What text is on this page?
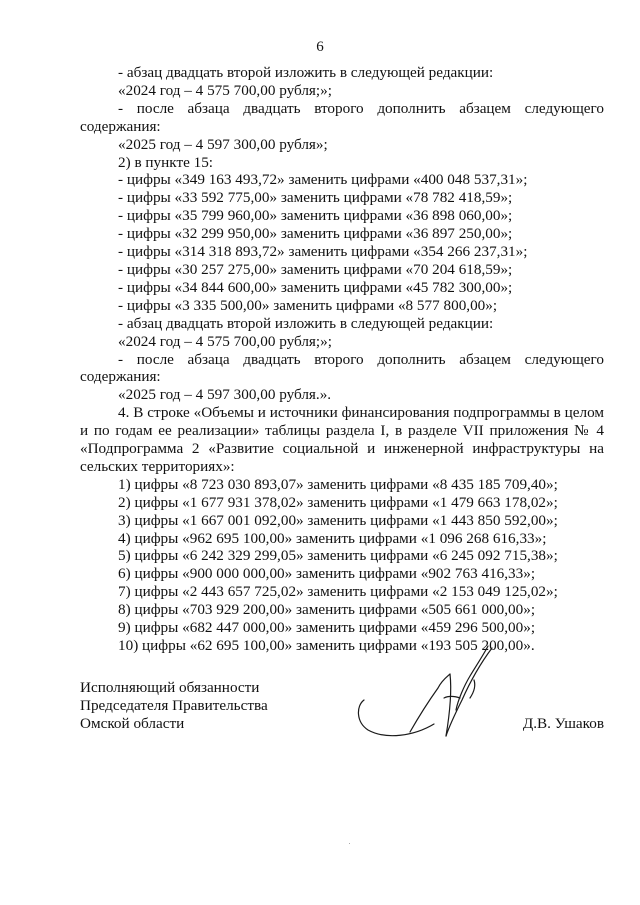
6

- абзац двадцать второй изложить в следующей редакции:

«2024 год – 4 575 700,00 рубля;»;

- после абзаца двадцать второго дополнить абзацем следующего

содержания:

«2025 год – 4 597 300,00 рубля»;

2) в пункте 15:

- цифры «349 163 493,72» заменить цифрами «400 048 537,31»;

- цифры «33 592 775,00» заменить цифрами «78 782 418,59»;

- цифры «35 799 960,00» заменить цифрами «36 898 060,00»;

- цифры «32 299 950,00» заменить цифрами «36 897 250,00»;

- цифры «314 318 893,72» заменить цифрами «354 266 237,31»;

- цифры «30 257 275,00» заменить цифрами «70 204 618,59»;

- цифры «34 844 600,00» заменить цифрами «45 782 300,00»;

- цифры «3 335 500,00» заменить цифрами «8 577 800,00»;

- абзац двадцать второй изложить в следующей редакции:

«2024 год – 4 575 700,00 рубля;»;

- после абзаца двадцать второго дополнить абзацем следующего

содержания:

«2025 год – 4 597 300,00 рубля.».

4. В строке «Объемы и источники финансирования подпрограммы в целом

и по годам ее реализации» таблицы раздела I, в разделе VII приложения № 4

«Подпрограмма 2 «Развитие социальной и инженерной инфраструктуры на

сельских территориях»:

1) цифры «8 723 030 893,07» заменить цифрами «8 435 185 709,40»;

2) цифры «1 677 931 378,02» заменить цифрами «1 479 663 178,02»;

3) цифры «1 667 001 092,00» заменить цифрами «1 443 850 592,00»;

4) цифры «962 695 100,00» заменить цифрами «1 096 268 616,33»;

5) цифры «6 242 329 299,05» заменить цифрами «6 245 092 715,38»;

6) цифры «900 000 000,00» заменить цифрами «902 763 416,33»;

7) цифры «2 443 657 725,02» заменить цифрами «2 153 049 125,02»;

8) цифры «703 929 200,00» заменить цифрами «505 661 000,00»;

9) цифры «682 447 000,00» заменить цифрами «459 296 500,00»;

10) цифры «62 695 100,00» заменить цифрами «193 505 200,00».

Исполняющий обязанности
Председателя Правительства
Омской области	Д.В. Ушаков
